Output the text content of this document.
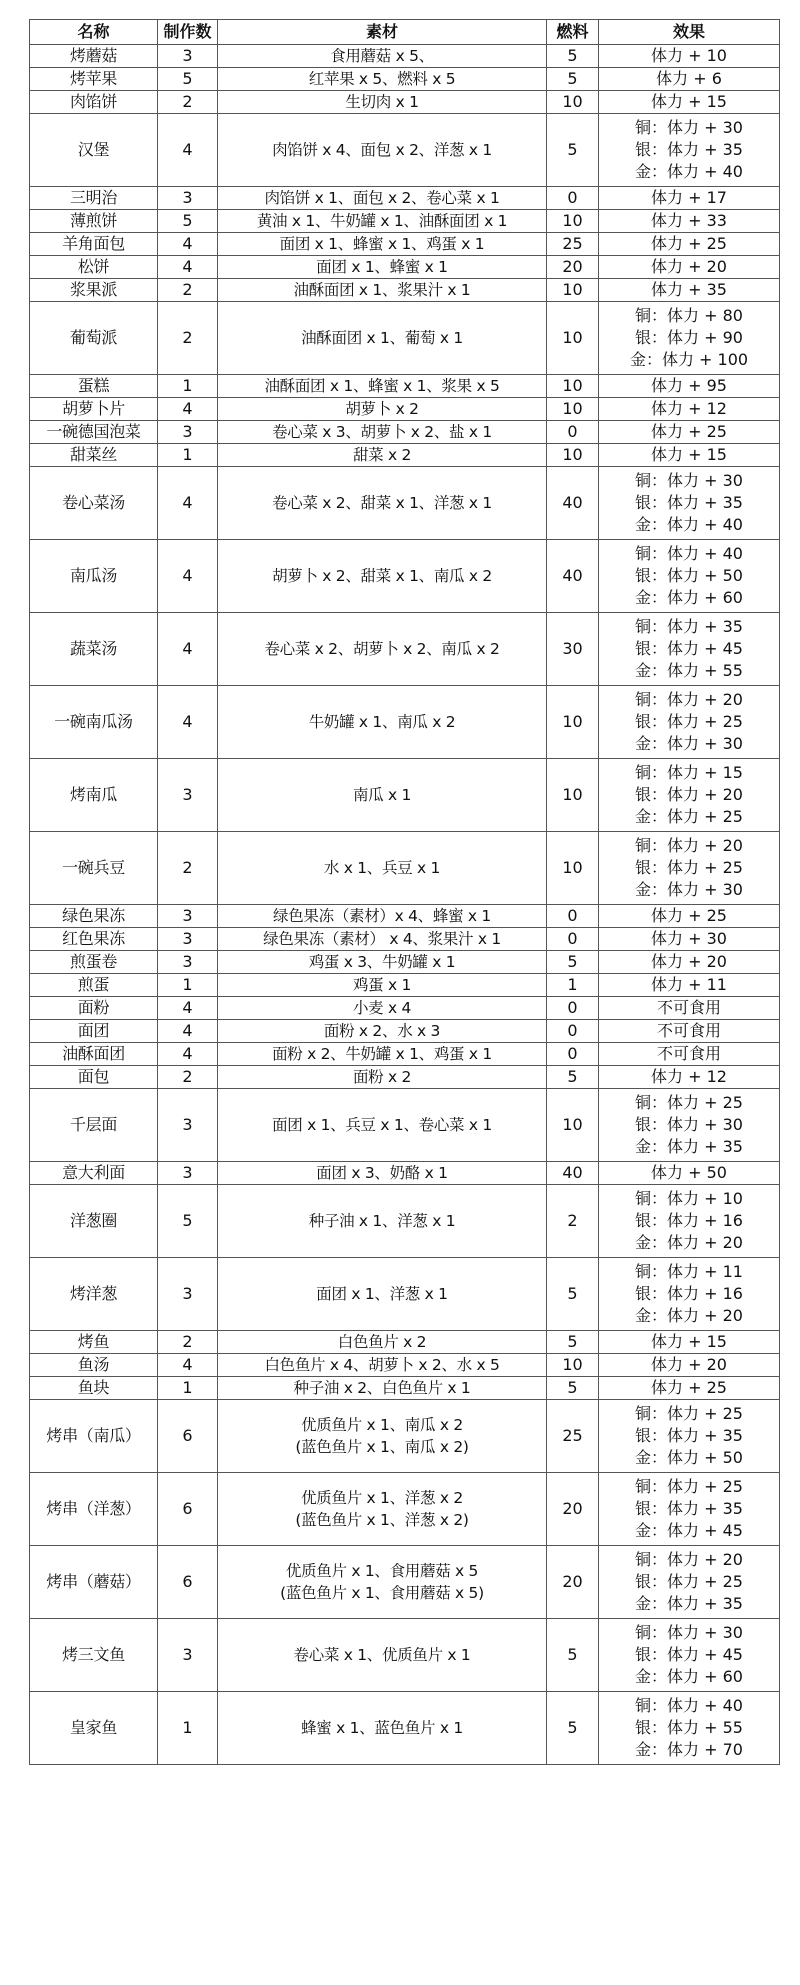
名称	制作数	素材	燃料	效果
烤蘑菇	3	食用蘑菇 x 5、	5	体力 + 10

烤苹果	5	红苹果 x 5、燃料 x 5	5	体力 + 6

肉馅饼	2	生切肉 x 1	10	体力 + 15

汉堡	4	肉馅饼 x 4、面包 x 2、洋葱 x 1	5	铜：体力 + 30
银：体力 + 35
金：体力 + 40

三明治	3	肉馅饼 x 1、面包 x 2、卷心菜 x 1	0	体力 + 17

薄煎饼	5	黄油 x 1、牛奶罐 x 1、油酥面团 x 1	10	体力 + 33

羊角面包	4	面团 x 1、蜂蜜 x 1、鸡蛋 x 1	25	体力 + 25

松饼	4	面团 x 1、蜂蜜 x 1	20	体力 + 20

浆果派	2	油酥面团 x 1、浆果汁 x 1	10	体力 + 35

葡萄派	2	油酥面团 x 1、葡萄 x 1	10	铜：体力 + 80
银：体力 + 90
金：体力 + 100

蛋糕	1	油酥面团 x 1、蜂蜜 x 1、浆果 x 5	10	体力 + 95

胡萝卜片	4	胡萝卜 x 2	10	体力 + 12

一碗德国泡菜	3	卷心菜 x 3、胡萝卜 x 2、盐 x 1	0	体力 + 25

甜菜丝	1	甜菜 x 2	10	体力 + 15

卷心菜汤	4	卷心菜 x 2、甜菜 x 1、洋葱 x 1	40	铜：体力 + 30
银：体力 + 35
金：体力 + 40

南瓜汤	4	胡萝卜 x 2、甜菜 x 1、南瓜 x 2	40	铜：体力 + 40
银：体力 + 50
金：体力 + 60

蔬菜汤	4	卷心菜 x 2、胡萝卜 x 2、南瓜 x 2	30	铜：体力 + 35
银：体力 + 45
金：体力 + 55

一碗南瓜汤	4	牛奶罐 x 1、南瓜 x 2	10	铜：体力 + 20
银：体力 + 25
金：体力 + 30

烤南瓜	3	南瓜 x 1	10	铜：体力 + 15
银：体力 + 20
金：体力 + 25

一碗兵豆	2	水 x 1、兵豆 x 1	10	铜：体力 + 20
银：体力 + 25
金：体力 + 30

绿色果冻	3	绿色果冻（素材）x 4、蜂蜜 x 1	0	体力 + 25

红色果冻	3	绿色果冻（素材） x 4、浆果汁 x 1	0	体力 + 30

煎蛋卷	3	鸡蛋 x 3、牛奶罐 x 1	5	体力 + 20

煎蛋	1	鸡蛋 x 1	1	体力 + 11

面粉	4	小麦 x 4	0	不可食用

面团	4	面粉 x 2、水 x 3	0	不可食用

油酥面团	4	面粉 x 2、牛奶罐 x 1、鸡蛋 x 1	0	不可食用

面包	2	面粉 x 2	5	体力 + 12

千层面	3	面团 x 1、兵豆 x 1、卷心菜 x 1	10	铜：体力 + 25
银：体力 + 30
金：体力 + 35

意大利面	3	面团 x 3、奶酪 x 1	40	体力 + 50

洋葱圈	5	种子油 x 1、洋葱 x 1	2	铜：体力 + 10
银：体力 + 16
金：体力 + 20

烤洋葱	3	面团 x 1、洋葱 x 1	5	铜：体力 + 11
银：体力 + 16
金：体力 + 20

烤鱼	2	白色鱼片 x 2	5	体力 + 15

鱼汤	4	白色鱼片 x 4、胡萝卜 x 2、水 x 5	10	体力 + 20

鱼块	1	种子油 x 2、白色鱼片 x 1	5	体力 + 25

烤串（南瓜）	6	优质鱼片 x 1、南瓜 x 2
(蓝色鱼片 x 1、南瓜 x 2)	25	铜：体力 + 25
银：体力 + 35
金：体力 + 50

烤串（洋葱）	6	优质鱼片 x 1、洋葱 x 2
(蓝色鱼片 x 1、洋葱 x 2)	20	铜：体力 + 25
银：体力 + 35
金：体力 + 45

烤串（蘑菇）	6	优质鱼片 x 1、食用蘑菇 x 5
(蓝色鱼片 x 1、食用蘑菇 x 5)	20	铜：体力 + 20
银：体力 + 25
金：体力 + 35

烤三文鱼	3	卷心菜 x 1、优质鱼片 x 1	5	铜：体力 + 30
银：体力 + 45
金：体力 + 60

皇家鱼	1	蜂蜜 x 1、蓝色鱼片 x 1	5	铜：体力 + 40
银：体力 + 55
金：体力 + 70
